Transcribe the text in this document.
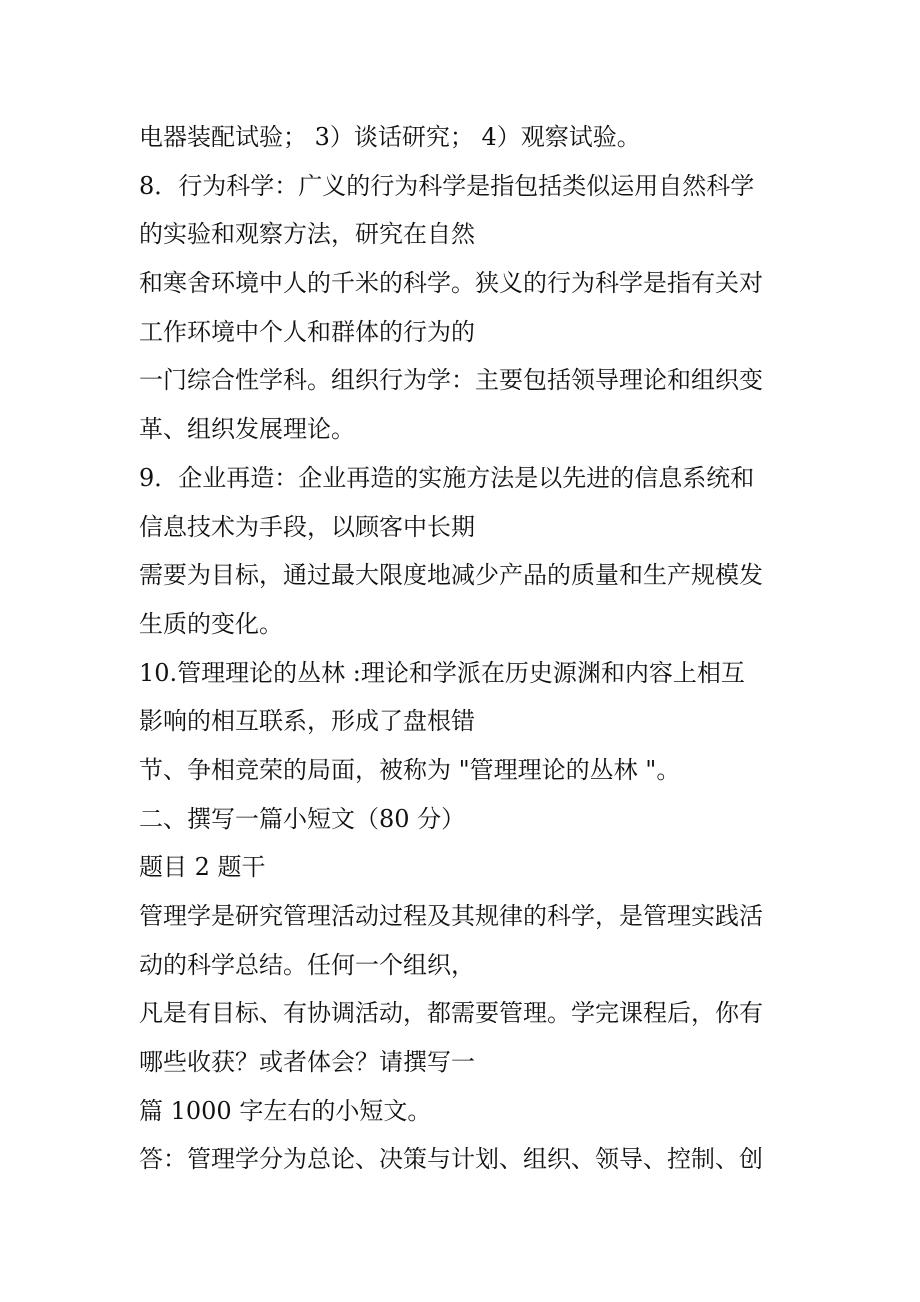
电器装配试验； 3）谈话研究； 4）观察试验。
8．行为科学：广义的行为科学是指包括类似运用自然科学
的实验和观察方法，研究在自然
和寒舍环境中人的千米的科学。狭义的行为科学是指有关对
工作环境中个人和群体的行为的
一门综合性学科。组织行为学：主要包括领导理论和组织变
革、组织发展理论。
9．企业再造：企业再造的实施方法是以先进的信息系统和
信息技术为手段，以顾客中长期
需要为目标，通过最大限度地减少产品的质量和生产规模发
生质的变化。
10.管理理论的丛林 :理论和学派在历史源渊和内容上相互
影响的相互联系，形成了盘根错
节、争相竞荣的局面，被称为 "管理理论的丛林 "。
二、撰写一篇小短文（80 分）
题目 2 题干
管理学是研究管理活动过程及其规律的科学，是管理实践活
动的科学总结。任何一个组织，
凡是有目标、有协调活动，都需要管理。学完课程后，你有
哪些收获？或者体会？请撰写一
篇 1000 字左右的小短文。
答：管理学分为总论、决策与计划、组织、领导、控制、创
